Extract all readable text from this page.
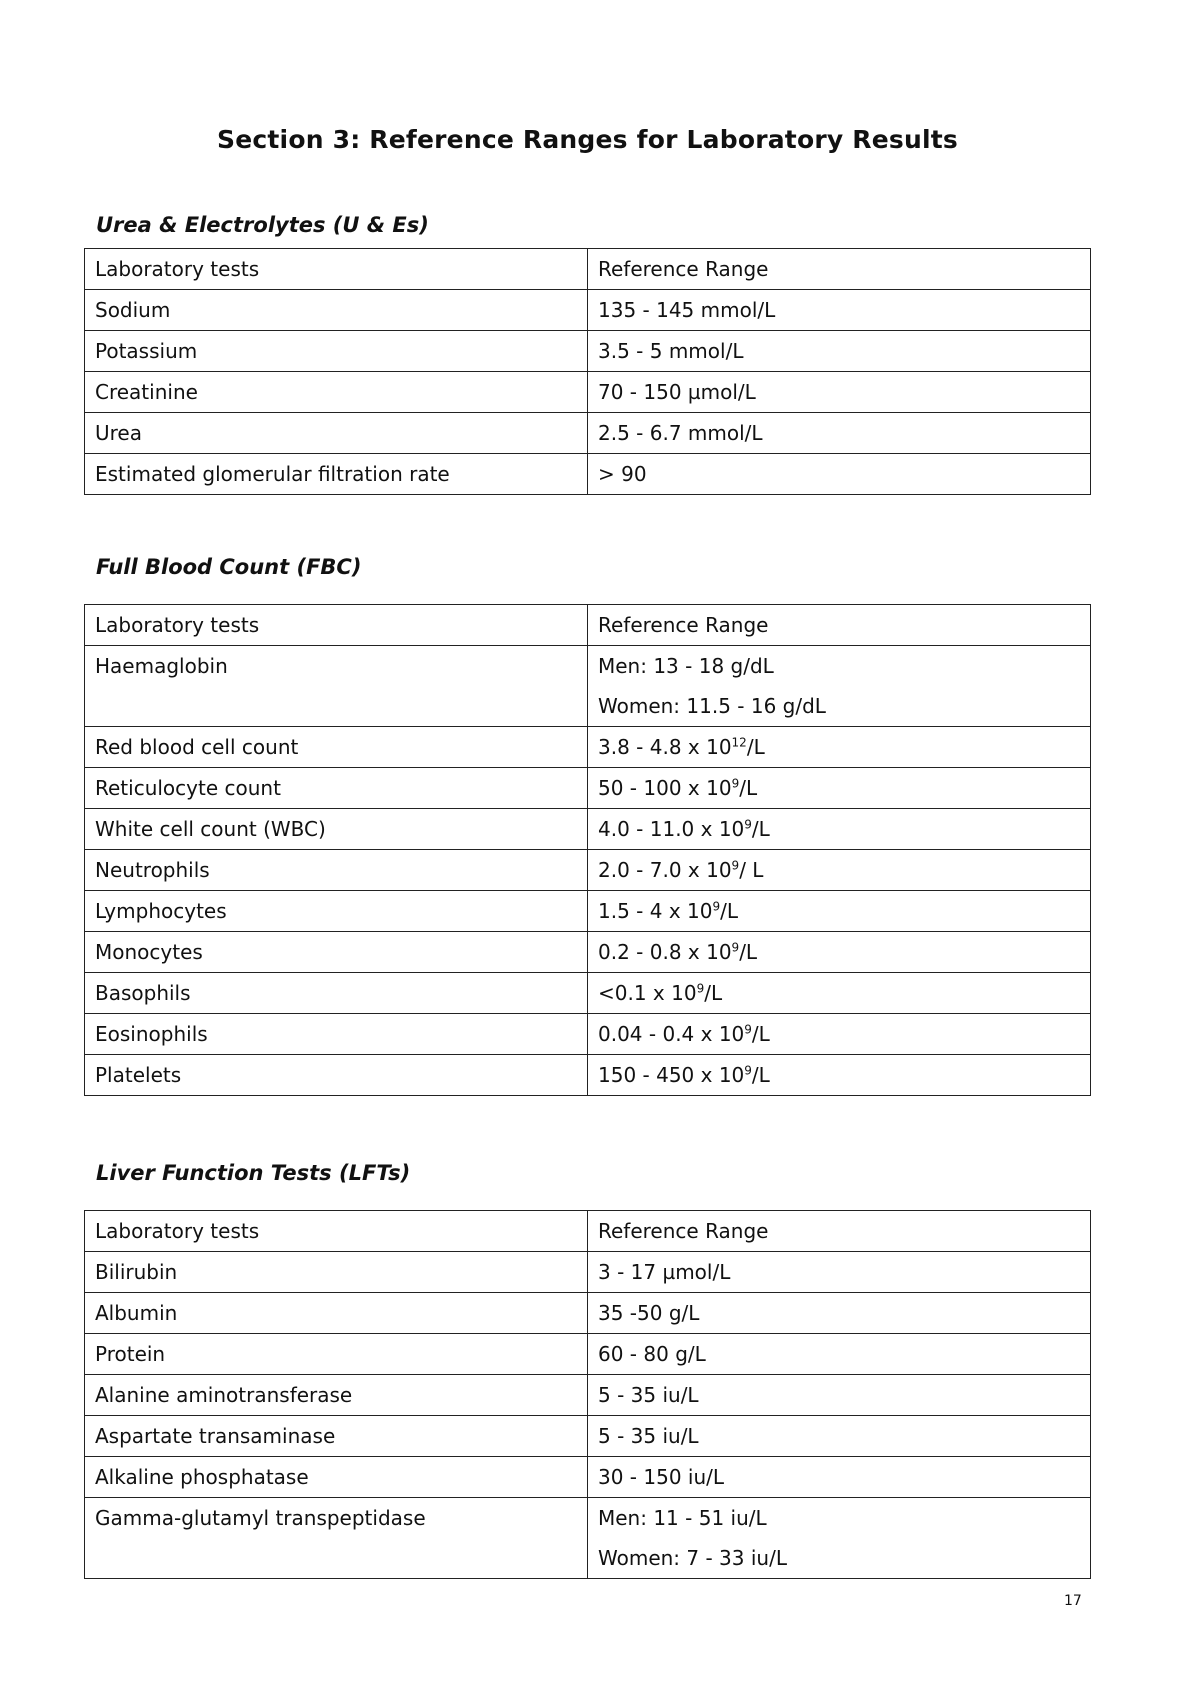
Section 3: Reference Ranges for Laboratory Results
Urea & Electrolytes (U & Es)
Laboratory tests	Reference Range
Sodium	135 - 145 mmol/L

Potassium	3.5 - 5 mmol/L

Creatinine	70 - 150 µmol/L

Urea	2.5 - 6.7 mmol/L

Estimated glomerular filtration rate	> 90
Full Blood Count (FBC)
Laboratory tests	Reference Range
Haemaglobin	Men: 13 - 18 g/dL
Women: 11.5 - 16 g/dL

Red blood cell count	3.8 - 4.8 x $10^{12}/L$

Reticulocyte count	50 - 100 x $10^9/L$

White cell count (WBC)	4.0 - 11.0 x $10^9/L$

Neutrophils	2.0 - 7.0 x $10^9/$ L

Lymphocytes	1.5 - 4 x $10^9/L$

Monocytes	0.2 - 0.8 x $10^9/L$

Basophils	<0.1 x $10^9/L$

Eosinophils	0.04 - 0.4 x $10^9/L$

Platelets	150 - 450 x $10^9/L$
Liver Function Tests (LFTs)
Laboratory tests	Reference Range
Bilirubin	3 - 17 µmol/L

Albumin	35 -50 g/L

Protein	60 - 80 g/L

Alanine aminotransferase	5 - 35 iu/L

Aspartate transaminase	5 - 35 iu/L

Alkaline phosphatase	30 - 150 iu/L

Gamma-glutamyl transpeptidase	Men: 11 - 51 iu/L
Women: 7 - 33 iu/L
17
